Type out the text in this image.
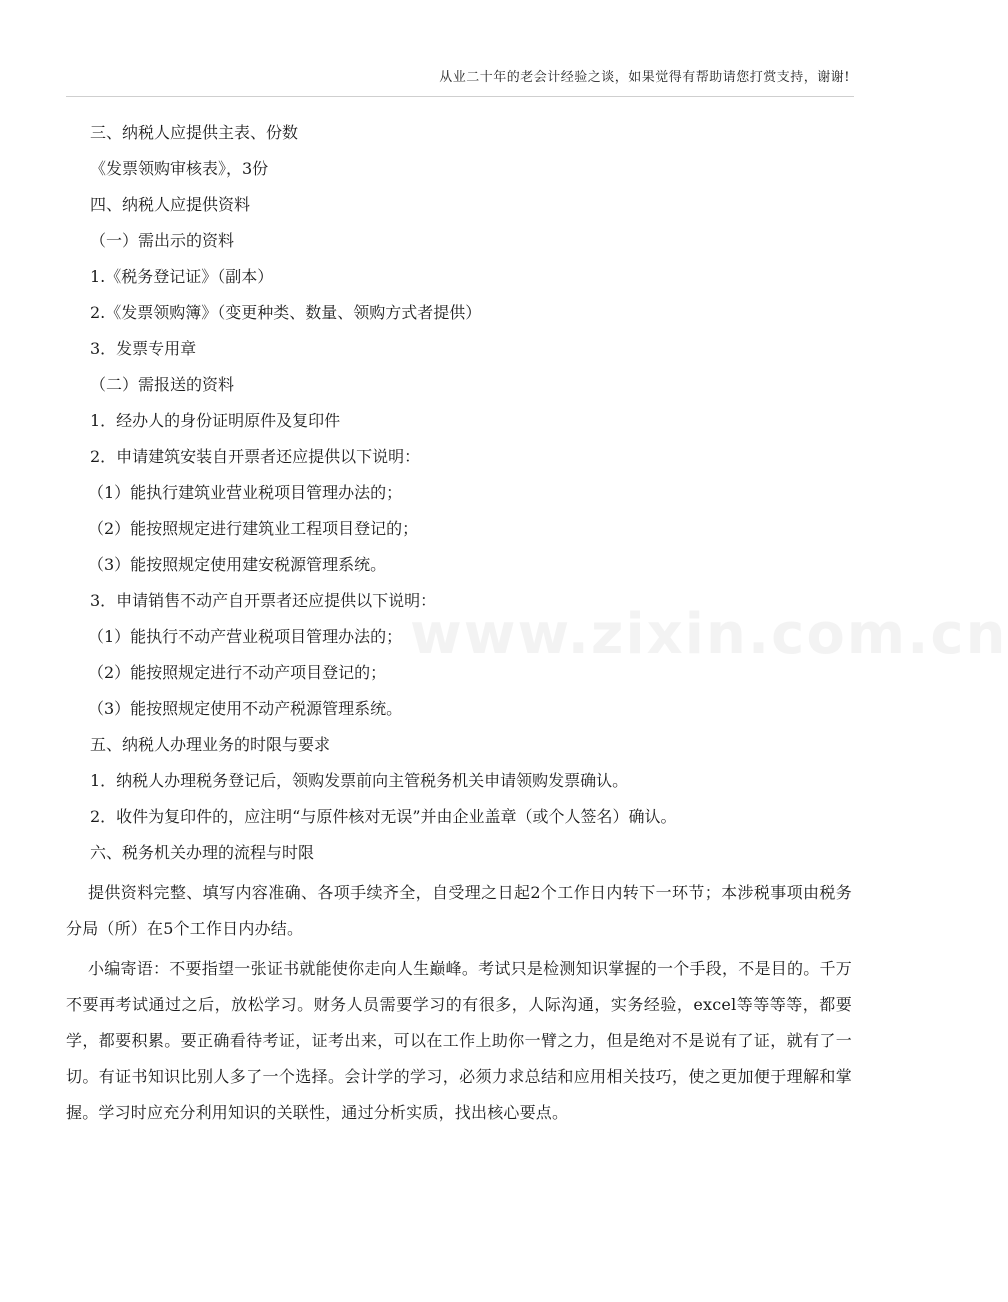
从业二十年的老会计经验之谈，如果觉得有帮助请您打赏支持，谢谢!
www.zixin.com.cn
三、纳税人应提供主表、份数
《发票领购审核表》，3份
四、纳税人应提供资料
（一）需出示的资料
1.《税务登记证》（副本）
2.《发票领购簿》（变更种类、数量、领购方式者提供）
3．发票专用章
（二）需报送的资料
1．经办人的身份证明原件及复印件
2．申请建筑安装自开票者还应提供以下说明：
（1）能执行建筑业营业税项目管理办法的；
（2）能按照规定进行建筑业工程项目登记的；
（3）能按照规定使用建安税源管理系统。
3．申请销售不动产自开票者还应提供以下说明：
（1）能执行不动产营业税项目管理办法的；
（2）能按照规定进行不动产项目登记的；
（3）能按照规定使用不动产税源管理系统。
五、纳税人办理业务的时限与要求
1．纳税人办理税务登记后，领购发票前向主管税务机关申请领购发票确认。
2．收件为复印件的，应注明“与原件核对无误”并由企业盖章（或个人签名）确认。
六、税务机关办理的流程与时限

提供资料完整、填写内容准确、各项手续齐全，自受理之日起2个工作日内转下一环节；本涉税事项由税务分局（所）在5个工作日内办结。

小编寄语：不要指望一张证书就能使你走向人生巅峰。考试只是检测知识掌握的一个手段，不是目的。千万不要再考试通过之后，放松学习。财务人员需要学习的有很多，人际沟通，实务经验，excel等等等等，都要学，都要积累。要正确看待考证，证考出来，可以在工作上助你一臂之力，但是绝对不是说有了证，就有了一切。有证书知识比别人多了一个选择。会计学的学习，必须力求总结和应用相关技巧，使之更加便于理解和掌握。学习时应充分利用知识的关联性，通过分析实质，找出核心要点。
